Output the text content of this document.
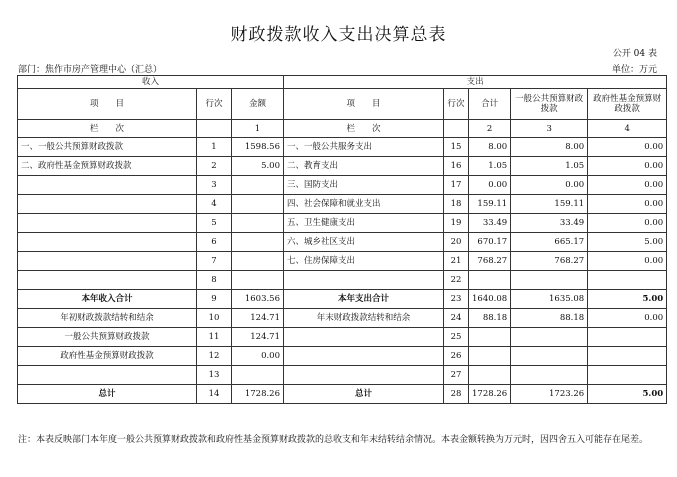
财政拨款收入支出决算总表
公开 04 表
部门：焦作市房产管理中心（汇总）	单位：万元
收入			支出				
项　　目	行次	金额	项　　目	行次	合计	一般公共预算财政拨款	政府性基金预算财政拨款
栏　　次		1	栏　　次		2	3	4
一、一般公共预算财政拨款	1	1598.56	一、一般公共服务支出	15	8.00	8.00	0.00
二、政府性基金预算财政拨款	2	5.00	二、教育支出	16	1.05	1.05	0.00
	3		三、国防支出	17	0.00	0.00	0.00
	4		四、社会保障和就业支出	18	159.11	159.11	0.00
	5		五、卫生健康支出	19	33.49	33.49	0.00
	6		六、城乡社区支出	20	670.17	665.17	5.00
	7		七、住房保障支出	21	768.27	768.27	0.00
	8			22			
本年收入合计	9	1603.56	本年支出合计	23	1640.08	1635.08	5.00
年初财政拨款结转和结余	10	124.71	年末财政拨款结转和结余	24	88.18	88.18	0.00
一般公共预算财政拨款	11	124.71		25			
政府性基金预算财政拨款	12	0.00		26			
	13			27			
总计	14	1728.26	总计	28	1728.26	1723.26	5.00
注：本表反映部门本年度一般公共预算财政拨款和政府性基金预算财政拨款的总收支和年末结转结余情况。本表金额转换为万元时，因四舍五入可能存在尾差。
